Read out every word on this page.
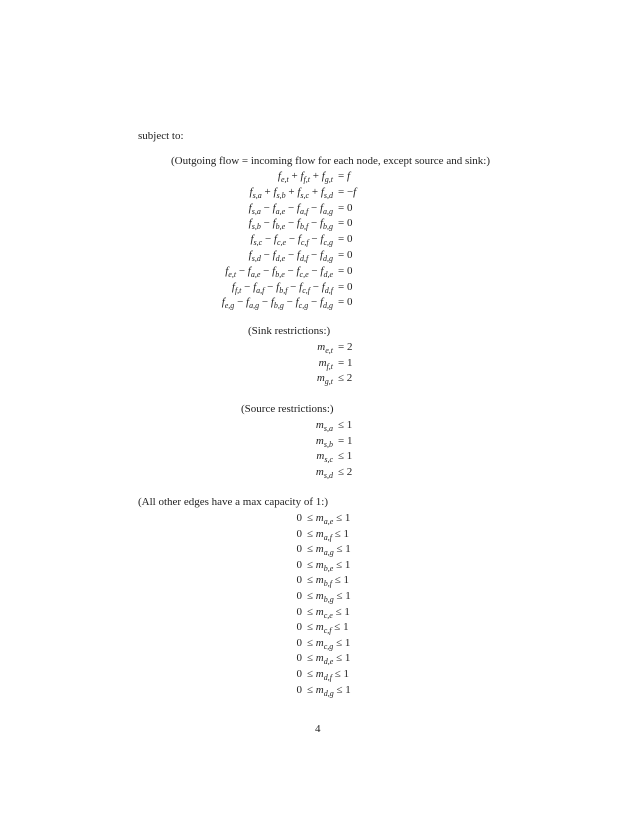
subject to:
(Outgoing flow = incoming flow for each node, except source and sink:)
$f_{e,t} + f_{f,t} + f_{g,t} = f$
$f_{s,a} + f_{s,b} + f_{s,c} + f_{s,d} = -f$
$f_{s,a} - f_{a,e} - f_{a,f} - f_{a,g} = 0$
$f_{s,b} - f_{b,e} - f_{b,f} - f_{b,g} = 0$
$f_{s,c} - f_{c,e} - f_{c,f} - f_{c,g} = 0$
$f_{s,d} - f_{d,e} - f_{d,f} - f_{d,g} = 0$
$f_{e,t} - f_{a,e} - f_{b,e} - f_{c,e} - f_{d,e} = 0$
$f_{f,t} - f_{a,f} - f_{b,f} - f_{c,f} - f_{d,f} = 0$
$f_{e,g} - f_{a,g} - f_{b,g} - f_{c,g} - f_{d,g} = 0$
(Sink restrictions:)
$m_{e,t} = 2$
$m_{f,t} = 1$
$m_{g,t} \le 2$
(Source restrictions:)
$m_{s,a} \le 1$
$m_{s,b} = 1$
$m_{s,c} \le 1$
$m_{s,d} \le 2$
(All other edges have a max capacity of 1:)
$0 \le m_{a,e} \le 1$
$0 \le m_{a,f} \le 1$
$0 \le m_{a,g} \le 1$
$0 \le m_{b,e} \le 1$
$0 \le m_{b,f} \le 1$
$0 \le m_{b,g} \le 1$
$0 \le m_{c,e} \le 1$
$0 \le m_{c,f} \le 1$
$0 \le m_{c,g} \le 1$
$0 \le m_{d,e} \le 1$
$0 \le m_{d,f} \le 1$
$0 \le m_{d,g} \le 1$
4
